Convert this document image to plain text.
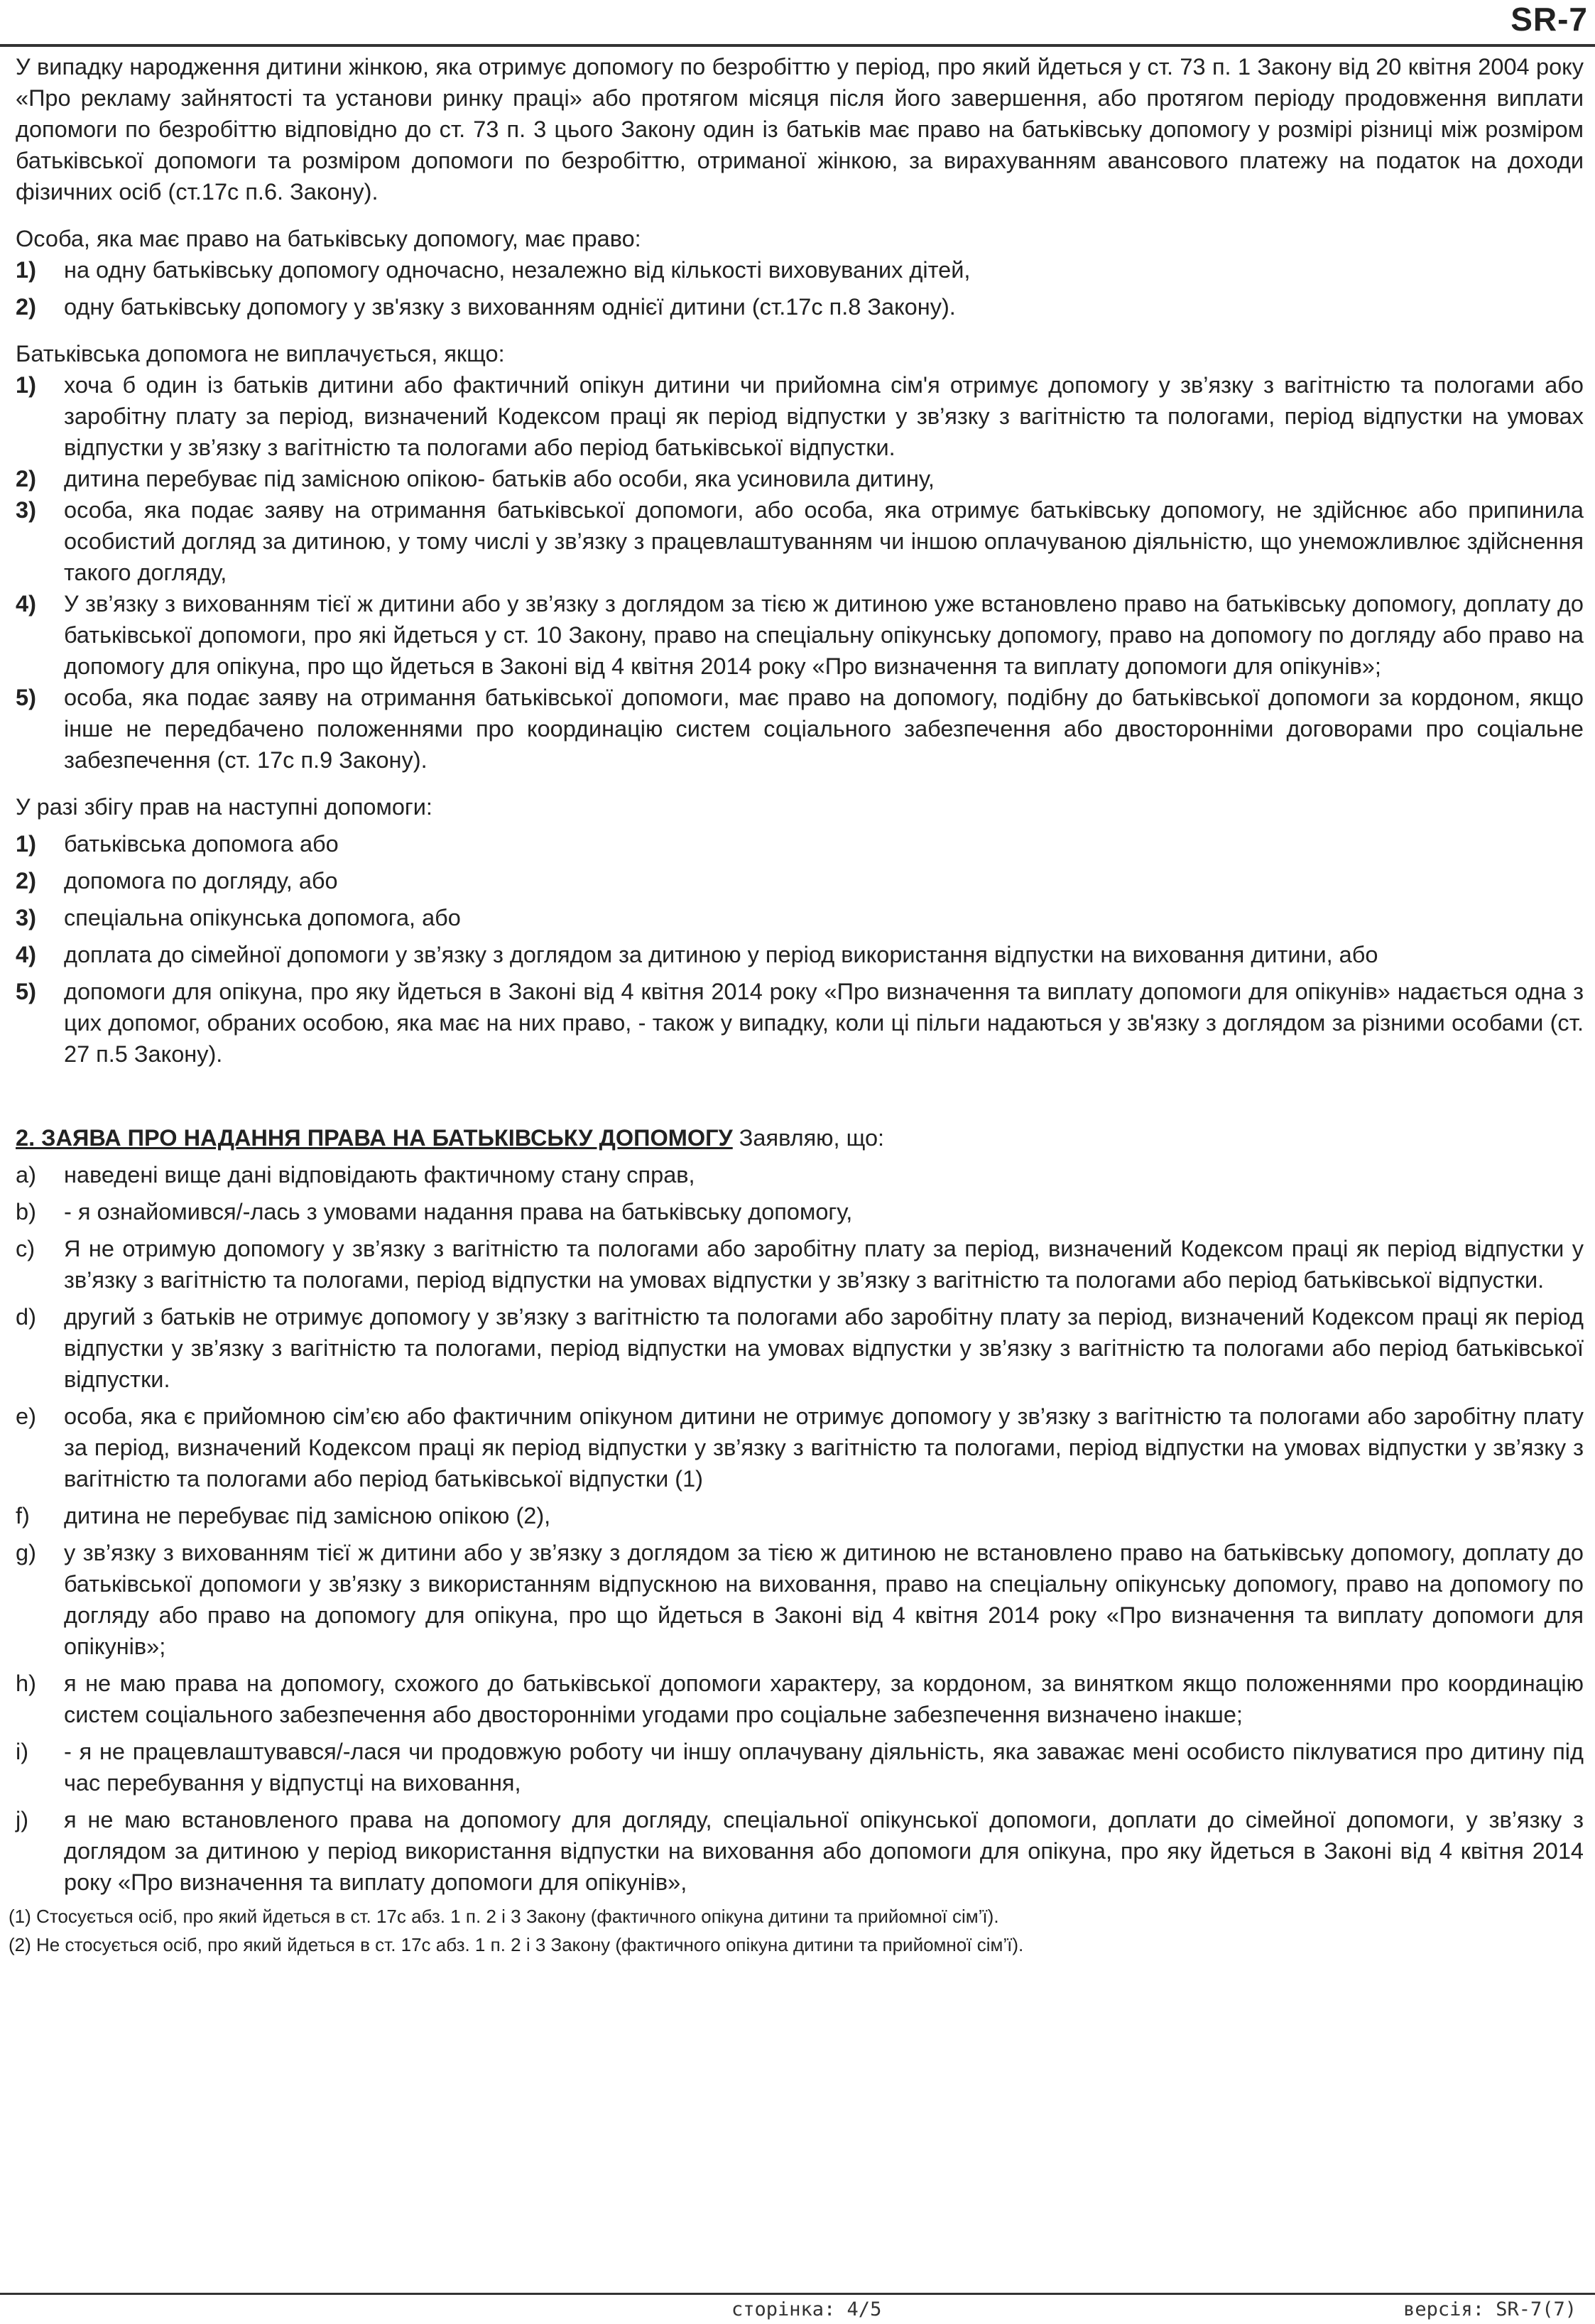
SR-7

У випадку народження дитини жінкою, яка отримує допомогу по безробіттю у період, про який йдеться у ст. 73 п. 1 Закону від 20 квітня 2004 року «Про рекламу зайнятості та установи ринку праці» або протягом місяця після його завершення, або протягом періоду продовження виплати допомоги по безробіттю відповідно до ст. 73 п. 3 цього Закону один із батьків має право на батьківську допомогу у розмірі різниці між розміром батьківської допомоги та розміром допомоги по безробіттю, отриманої жінкою, за вирахуванням авансового платежу на податок на доходи фізичних осіб (ст.17с п.6. Закону).

Особа, яка має право на батьківську допомогу, має право:

1)	на одну батьківську допомогу одночасно, незалежно від кількості виховуваних дітей,
2)	одну батьківську допомогу у зв'язку з вихованням однієї дитини (ст.17с п.8 Закону).

Батьківська допомога не виплачується, якщо:

1)	хоча б один із батьків дитини або фактичний опікун дитини чи прийомна сім'я отримує допомогу у зв’язку з вагітністю та пологами або заробітну плату за період, визначений Кодексом праці як період відпустки у зв’язку з вагітністю та пологами, період відпустки на умовах відпустки у зв’язку з вагітністю та пологами або період батьківської відпустки.
2)	дитина перебуває під замісною опікою- батьків або особи, яка усиновила дитину,
3)	особа, яка подає заяву на отримання батьківської допомоги, або особа, яка отримує батьківську допомогу, не здійснює або припинила особистий догляд за дитиною, у тому числі у зв’язку з працевлаштуванням чи іншою оплачуваною діяльністю, що унеможливлює здійснення такого догляду,
4)	У зв’язку з вихованням тієї ж дитини або у зв’язку з доглядом за тією ж дитиною уже встановлено право на батьківську допомогу, доплату до батьківської допомоги, про які йдеться у ст. 10 Закону, право на спеціальну опікунську допомогу, право на допомогу по догляду або право на допомогу для опікуна, про що йдеться в Законі від 4 квітня 2014 року «Про визначення та виплату допомоги для опікунів»;
5)	особа, яка подає заяву на отримання батьківської допомоги, має право на допомогу, подібну до батьківської допомоги за кордоном, якщо інше не передбачено положеннями про координацію систем соціального забезпечення або двосторонніми договорами про соціальне забезпечення (ст. 17с п.9 Закону).

У разі збігу прав на наступні допомоги:

1)	батьківська допомога або
2)	допомога по догляду, або
3)	спеціальна опікунська допомога, або
4)	доплата до сімейної допомоги у зв’язку з доглядом за дитиною у період використання відпустки на виховання дитини, або
5)	допомоги для опікуна, про яку йдеться в Законі від 4 квітня 2014 року «Про визначення та виплату допомоги для опікунів» надається одна з цих допомог, обраних особою, яка має на них право, - також у випадку, коли ці пільги надаються у зв'язку з доглядом за різними особами (ст. 27 п.5 Закону).

2. ЗАЯВА ПРО НАДАННЯ ПРАВА НА БАТЬКІВСЬКУ ДОПОМОГУ Заявляю, що:

a)	наведені вище дані відповідають фактичному стану справ,
b)	- я ознайомився/-лась з умовами надання права на батьківську допомогу,
c)	Я не отримую допомогу у зв’язку з вагітністю та пологами або заробітну плату за період, визначений Кодексом праці як період відпустки у зв’язку з вагітністю та пологами, період відпустки на умовах відпустки у зв’язку з вагітністю та пологами або період батьківської відпустки.
d)	другий з батьків не отримує допомогу у зв’язку з вагітністю та пологами або заробітну плату за період, визначений Кодексом праці як період відпустки у зв’язку з вагітністю та пологами, період відпустки на умовах відпустки у зв’язку з вагітністю та пологами або період батьківської відпустки.
e)	особа, яка є прийомною сім’єю або фактичним опікуном дитини не отримує допомогу у зв’язку з вагітністю та пологами або заробітну плату за період, визначений Кодексом праці як період відпустки у зв’язку з вагітністю та пологами, період відпустки на умовах відпустки у зв’язку з вагітністю та пологами або період батьківської відпустки (1)
f)	дитина не перебуває під замісною опікою (2),
g)	у зв’язку з вихованням тієї ж дитини або у зв’язку з доглядом за тією ж дитиною не встановлено право на батьківську допомогу, доплату до батьківської допомоги у зв’язку з використанням відпускною на виховання, право на спеціальну опікунську допомогу, право на допомогу по догляду або право на допомогу для опікуна, про що йдеться в Законі від 4 квітня 2014 року «Про визначення та виплату допомоги для опікунів»;
h)	я не маю права на допомогу, схожого до батьківської допомоги характеру, за кордоном, за винятком якщо положеннями про координацію систем соціального забезпечення або двосторонніми угодами про соціальне забезпечення визначено інакше;
i)	- я не працевлаштувався/-лася чи продовжую роботу чи іншу оплачувану діяльність, яка заважає мені особисто піклуватися про дитину під час перебування у відпустці на виховання,
j)	я не маю встановленого права на допомогу для догляду, спеціальної опікунської допомоги, доплати до сімейної допомоги, у зв’язку з доглядом за дитиною у період використання відпустки на виховання або допомоги для опікуна, про яку йдеться в Законі від 4 квітня 2014 року «Про визначення та виплату допомоги для опікунів»,

(1) Стосується осіб, про який йдеться в ст. 17с абз. 1 п. 2 і 3 Закону (фактичного опікуна дитини та прийомної сім’ї).

(2) Не стосується осіб, про який йдеться в ст. 17с абз. 1 п. 2 і 3 Закону (фактичного опікуна дитини та прийомної сім’ї).

сторінка: 4/5	версія: SR-7(7)
